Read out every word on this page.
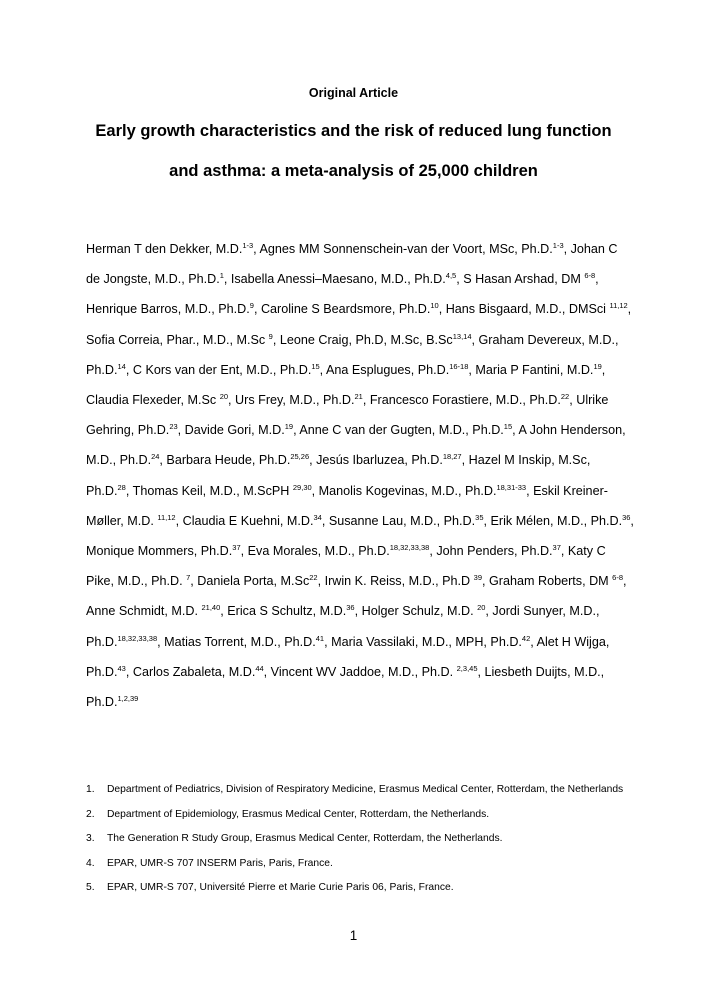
Original Article
Early growth characteristics and the risk of reduced lung function
and asthma: a meta-analysis of 25,000 children
Herman T den Dekker, M.D.$^{1-3}$, Agnes MM Sonnenschein-van der Voort, MSc, Ph.D.$^{1-3}$, Johan C de Jongste, M.D., Ph.D.$^1$, Isabella Anessi–Maesano, M.D., Ph.D.$^{4,5}$, S Hasan Arshad, DM $^{6-8}$, Henrique Barros, M.D., Ph.D.$^9$, Caroline S Beardsmore, Ph.D.$^{10}$, Hans Bisgaard, M.D., DMSci $^{11,12}$, Sofia Correia, Phar., M.D., M.Sc $^9$, Leone Craig, Ph.D, M.Sc, B.Sc$^{13,14}$, Graham Devereux, M.D., Ph.D.$^{14}$, C Kors van der Ent, M.D., Ph.D.$^{15}$, Ana Esplugues, Ph.D.$^{16-18}$, Maria P Fantini, M.D.$^{19}$, Claudia Flexeder, M.Sc $^{20}$, Urs Frey, M.D., Ph.D.$^{21}$, Francesco Forastiere, M.D., Ph.D.$^{22}$, Ulrike Gehring, Ph.D.$^{23}$, Davide Gori, M.D.$^{19}$, Anne C van der Gugten, M.D., Ph.D.$^{15}$, A John Henderson, M.D., Ph.D.$^{24}$, Barbara Heude, Ph.D.$^{25,26}$, Jesús Ibarluzea, Ph.D.$^{18,27}$, Hazel M Inskip, M.Sc, Ph.D.$^{28}$, Thomas Keil, M.D., M.ScPH $^{29,30}$, Manolis Kogevinas, M.D., Ph.D.$^{18,31-33}$, Eskil Kreiner-Møller, M.D. $^{11,12}$, Claudia E Kuehni, M.D.$^{34}$, Susanne Lau, M.D., Ph.D.$^{35}$, Erik Mélen, M.D., Ph.D.$^{36}$, Monique Mommers, Ph.D.$^{37}$, Eva Morales, M.D., Ph.D.$^{18,32,33,38}$, John Penders, Ph.D.$^{37}$, Katy C Pike, M.D., Ph.D. $^7$, Daniela Porta, M.Sc$^{22}$, Irwin K. Reiss, M.D., Ph.D $^{39}$, Graham Roberts, DM $^{6-8}$, Anne Schmidt, M.D. $^{21,40}$, Erica S Schultz, M.D.$^{36}$, Holger Schulz, M.D. $^{20}$, Jordi Sunyer, M.D., Ph.D.$^{18,32,33,38}$, Matias Torrent, M.D., Ph.D.$^{41}$, Maria Vassilaki, M.D., MPH, Ph.D.$^{42}$, Alet H Wijga, Ph.D.$^{43}$, Carlos Zabaleta, M.D.$^{44}$, Vincent WV Jaddoe, M.D., Ph.D. $^{2,3,45}$, Liesbeth Duijts, M.D., Ph.D.$^{1,2,39}$
1. Department of Pediatrics, Division of Respiratory Medicine, Erasmus Medical Center, Rotterdam, the Netherlands
2. Department of Epidemiology, Erasmus Medical Center, Rotterdam, the Netherlands.
3. The Generation R Study Group, Erasmus Medical Center, Rotterdam, the Netherlands.
4. EPAR, UMR-S 707 INSERM Paris, Paris, France.
5. EPAR, UMR-S 707, Université Pierre et Marie Curie Paris 06, Paris, France.
1
